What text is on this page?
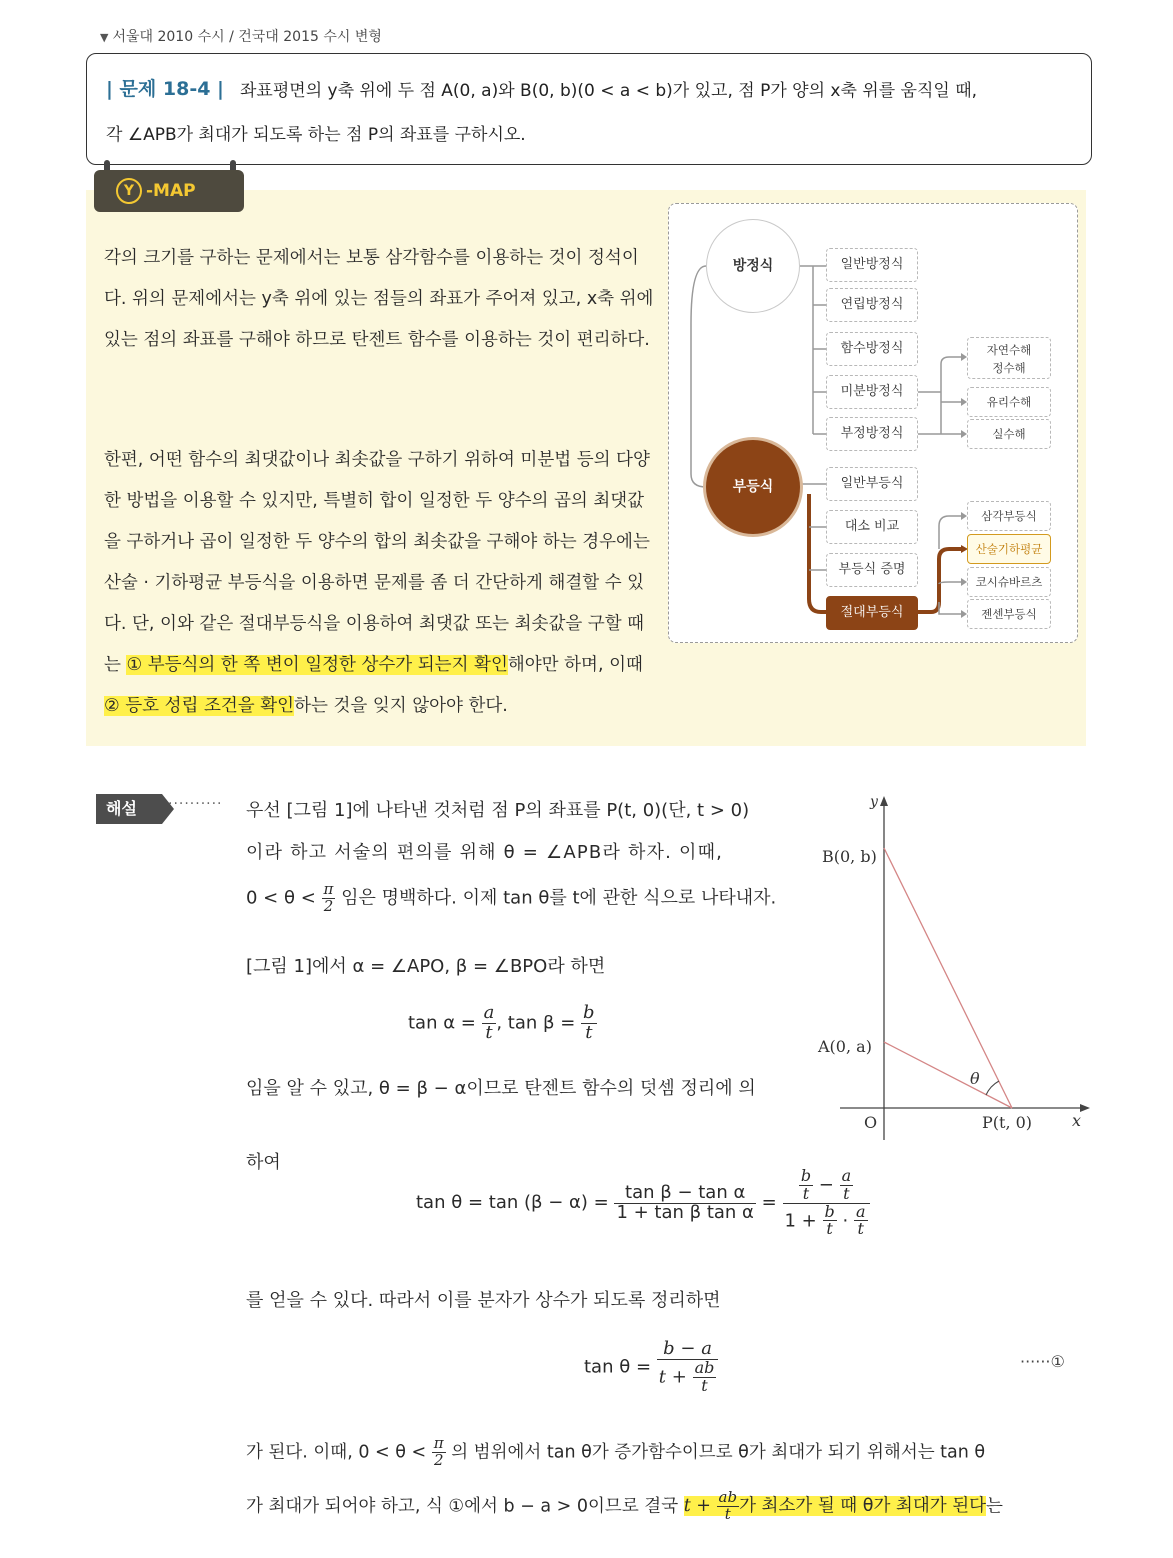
▼ 서울대 2010 수시 / 건국대 2015 수시 변형
| 문제 18-4 | 좌표평면의 y축 위에 두 점 A(0, a)와 B(0, b)(0 < a < b)가 있고, 점 P가 양의 x축 위를 움직일 때,
각 ∠APB가 최대가 되도록 하는 점 P의 좌표를 구하시오.
Y -MAP
각의 크기를 구하는 문제에서는 보통 삼각함수를 이용하는 것이 정석이다. 위의 문제에서는 y축 위에 있는 점들의 좌표가 주어져 있고, x축 위에 있는 점의 좌표를 구해야 하므로 탄젠트 함수를 이용하는 것이 편리하다.
한편, 어떤 함수의 최댓값이나 최솟값을 구하기 위하여 미분법 등의 다양한 방법을 이용할 수 있지만, 특별히 합이 일정한 두 양수의 곱의 최댓값을 구하거나 곱이 일정한 두 양수의 합의 최솟값을 구해야 하는 경우에는 산술 · 기하평균 부등식을 이용하면 문제를 좀 더 간단하게 해결할 수 있다. 단, 이와 같은 절대부등식을 이용하여 최댓값 또는 최솟값을 구할 때는 ① 부등식의 한 쪽 변이 일정한 상수가 되는지 확인해야만 하며, 이때 ② 등호 성립 조건을 확인하는 것을 잊지 않아야 한다.
방정식
부등식
일반방정식
연립방정식
함수방정식
미분방정식
부정방정식
자연수해
정수해
유리수해
실수해
일반부등식
대소 비교
부등식 증명
절대부등식
삼각부등식
산술기하평균
코시슈바르츠
젠센부등식
해설	·········· 우선 [그림 1]에 나타낸 것처럼 점 P의 좌표를 P(t, 0)(단, t > 0)
이라 하고 서술의 편의를 위해 θ = ∠APB라 하자. 이때,
$0 < \theta < \frac{\pi}{2}$ 임은 명백하다. 이제 tan θ를 t에 관한 식으로 나타내자.
[그림 1]에서 α = ∠APO, β = ∠BPO라 하면
$\tan \alpha = \frac{a}{t}$ , $\tan \beta = \frac{b}{t}$
임을 알 수 있고, θ = β − α이므로 탄젠트 함수의 덧셈 정리에 의
하여
$\tan \theta = \tan (\beta - \alpha) = \frac{\text{tan β − tan α}}{\text{1 + tan β tan α}} = \frac{\frac{b}{t} - \frac{a}{t}}{1 + \frac{b}{t} \cdot \frac{a}{t}}$
를 얻을 수 있다. 따라서 이를 분자가 상수가 되도록 정리하면
$\tan \theta = \frac{b - a}{t + \frac{ab}{t}}$	······①
가 된다. 이때, $0 < \theta < \frac{\pi}{2}$ 의 범위에서 tan θ가 증가함수이므로 θ가 최대가 되기 위해서는 tan θ
가 최대가 되어야 하고, 식 ①에서 b − a > 0이므로 결국 $t + \frac{ab}{t}$ 가 최소가 될 때 θ가 최대가 된다는
y
x
B(0, b)
A(0, a)
O	P(t, 0)
θ
